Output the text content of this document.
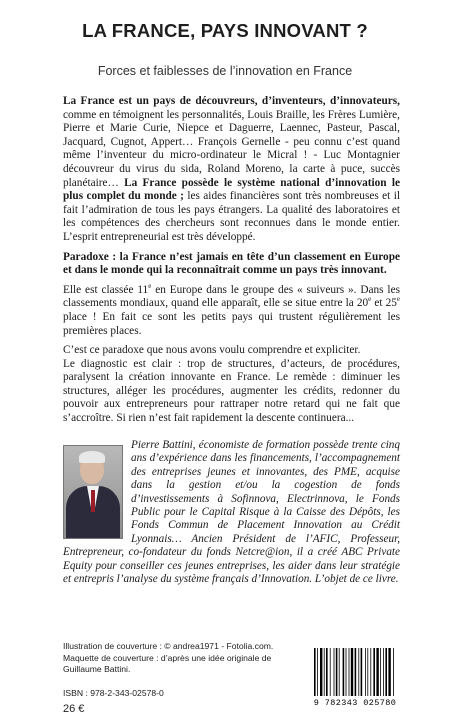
LA FRANCE, PAYS INNOVANT ?
Forces et faiblesses de l’innovation en France

La France est un pays de découvreurs, d’inventeurs, d’innovateurs, comme en témoignent les personnalités, Louis Braille, les Frères Lumière, Pierre et Marie Curie, Niepce et Daguerre, Laennec, Pasteur, Pascal, Jacquard, Cugnot, Appert… François Gernelle - peu connu c’est quand même l’inventeur du micro-ordinateur le Micral ! - Luc Montagnier découvreur du virus du sida, Roland Moreno, la carte à puce, succès planétaire… La France possède le système national d’innovation le plus complet du monde ; les aides financières sont très nombreuses et il fait l’admiration de tous les pays étrangers. La qualité des laboratoires et les compétences des chercheurs sont reconnues dans le monde entier. L’esprit entrepreneurial est très développé.

Paradoxe : la France n’est jamais en tête d’un classement en Europe et dans le monde qui la reconnaîtrait comme un pays très innovant.

Elle est classée 11e en Europe dans le groupe des « suiveurs ». Dans les classements mondiaux, quand elle apparaît, elle se situe entre la 20e et 25e place ! En fait ce sont les petits pays qui trustent régulièrement les premières places.

C’est ce paradoxe que nous avons voulu comprendre et expliciter.

Le diagnostic est clair : trop de structures, d’acteurs, de procédures, paralysent la création innovante en France. Le remède : diminuer les structures, alléger les procédures, augmenter les crédits, redonner du pouvoir aux entrepreneurs pour rattraper notre retard qui ne fait que s’accroître. Si rien n’est fait rapidement la descente continuera...

Pierre Battini, économiste de formation possède trente cinq ans d’expérience dans les financements, l’accompagnement des entreprises jeunes et innovantes, des PME, acquise dans la gestion et/ou la cogestion de fonds d’investissements à Sofinnova, Electrinnova, le Fonds Public pour le Capital Risque à la Caisse des Dépôts, les Fonds Commun de Placement Innovation au Crédit Lyonnais… Ancien Président de l’AFIC, Professeur, Entrepreneur, co-fondateur du fonds Netcre@ion, il a créé ABC Private Equity pour conseiller ces jeunes entreprises, les aider dans leur stratégie et entrepris l’analyse du système français d’Innovation. L’objet de ce livre.
Illustration de couverture : © andrea1971 - Fotolia.com.
Maquette de couverture : d’après une idée originale de
Guillaume Battini.
ISBN : 978-2-343-02578-0
26 €	9 782343 025780
